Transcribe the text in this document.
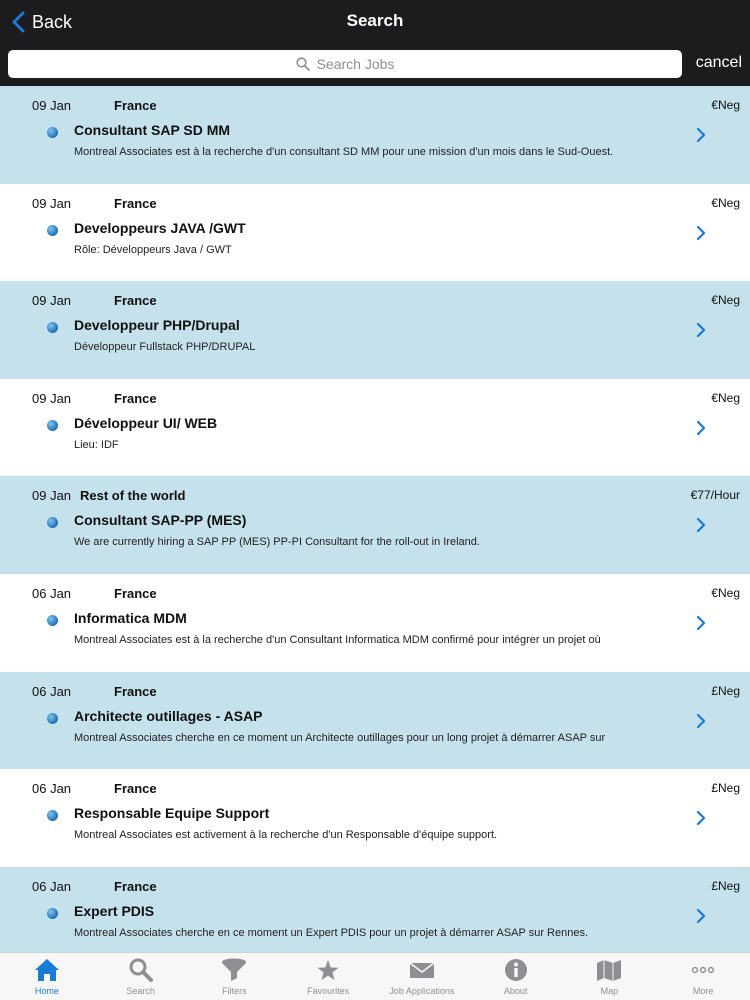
Back	Search
Search Jobs	cancel
09 Jan	France	€Neg
Consultant SAP SD MM
Montreal Associates est à la recherche d'un consultant SD MM pour une mission d'un mois dans le Sud-Ouest.
09 Jan	France	€Neg
Developpeurs JAVA /GWT
Rôle: Développeurs Java / GWT
09 Jan	France	€Neg
Developpeur PHP/Drupal
Développeur Fullstack PHP/DRUPAL
09 Jan	France	€Neg
Développeur UI/ WEB
Lieu: IDF
09 Jan Rest of the world	€77/Hour
Consultant SAP-PP (MES)
We are currently hiring a SAP PP (MES) PP-PI Consultant for the roll-out in Ireland.
06 Jan	France	€Neg
Informatica MDM
Montreal Associates est à la recherche d'un Consultant Informatica MDM confirmé pour intégrer un projet où
06 Jan	France	£Neg
Architecte outillages - ASAP
Montreal Associates cherche en ce moment un Architecte outillages pour un long projet à démarrer ASAP sur
06 Jan	France	£Neg
Responsable Equipe Support
Montreal Associates est activement à la recherche d'un Responsable d'équipe support.
06 Jan	France	£Neg
Expert PDIS
Montreal Associates cherche en ce moment un Expert PDIS pour un projet à démarrer ASAP sur Rennes.
Home	Search	Filters	Favourites	Job Applications	About	Map	More
